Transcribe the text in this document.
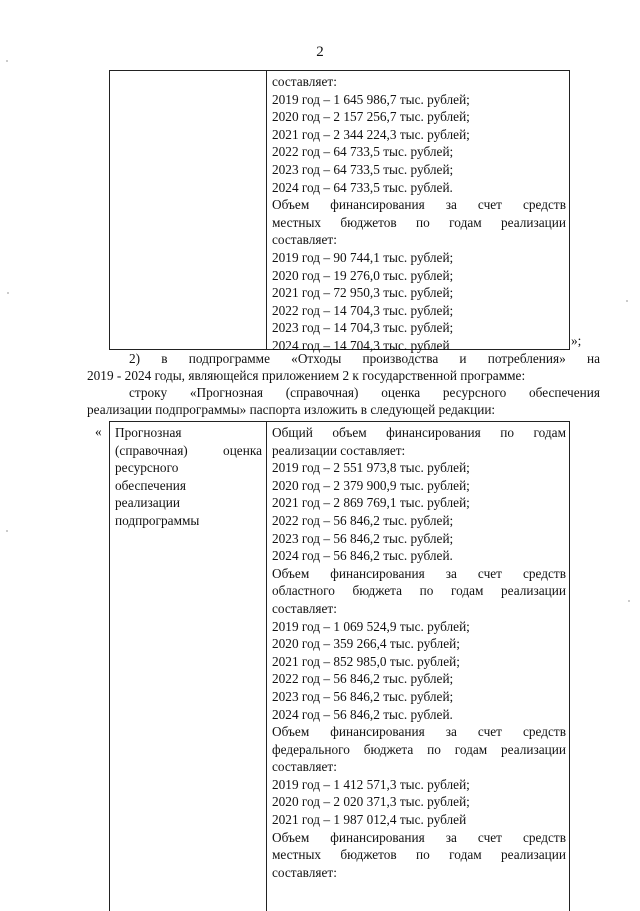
2
составляет:
2019 год – 1 645 986,7 тыс. рублей;
2020 год – 2 157 256,7 тыс. рублей;
2021 год – 2 344 224,3 тыс. рублей;
2022 год – 64 733,5 тыс. рублей;
2023 год – 64 733,5 тыс. рублей;
2024 год – 64 733,5 тыс. рублей.
Объем финансирования за счет средств
местных бюджетов по годам реализации
составляет:
2019 год – 90 744,1 тыс. рублей;
2020 год – 19 276,0 тыс. рублей;
2021 год – 72 950,3 тыс. рублей;
2022 год – 14 704,3 тыс. рублей;
2023 год – 14 704,3 тыс. рублей;
2024 год – 14 704,3 тыс. рублей	»;
2) в подпрограмме «Отходы производства и потребления» на
2019 - 2024 годы, являющейся приложением 2 к государственной программе:
строку «Прогнозная (справочная) оценка ресурсного обеспечения
реализации подпрограммы» паспорта изложить в следующей редакции:
« Прогнозная
(справочная) оценка
ресурсного
обеспечения
реализации
подпрограммы
Общий объем финансирования по годам
реализации составляет:
2019 год – 2 551 973,8 тыс. рублей;
2020 год – 2 379 900,9 тыс. рублей;
2021 год – 2 869 769,1 тыс. рублей;
2022 год – 56 846,2 тыс. рублей;
2023 год – 56 846,2 тыс. рублей;
2024 год – 56 846,2 тыс. рублей.
Объем финансирования за счет средств
областного бюджета по годам реализации
составляет:
2019 год – 1 069 524,9 тыс. рублей;
2020 год – 359 266,4 тыс. рублей;
2021 год – 852 985,0 тыс. рублей;
2022 год – 56 846,2 тыс. рублей;
2023 год – 56 846,2 тыс. рублей;
2024 год – 56 846,2 тыс. рублей.
Объем финансирования за счет средств
федерального бюджета по годам реализации
составляет:
2019 год – 1 412 571,3 тыс. рублей;
2020 год – 2 020 371,3 тыс. рублей;
2021 год – 1 987 012,4 тыс. рублей
Объем финансирования за счет средств
местных бюджетов по годам реализации
составляет:
